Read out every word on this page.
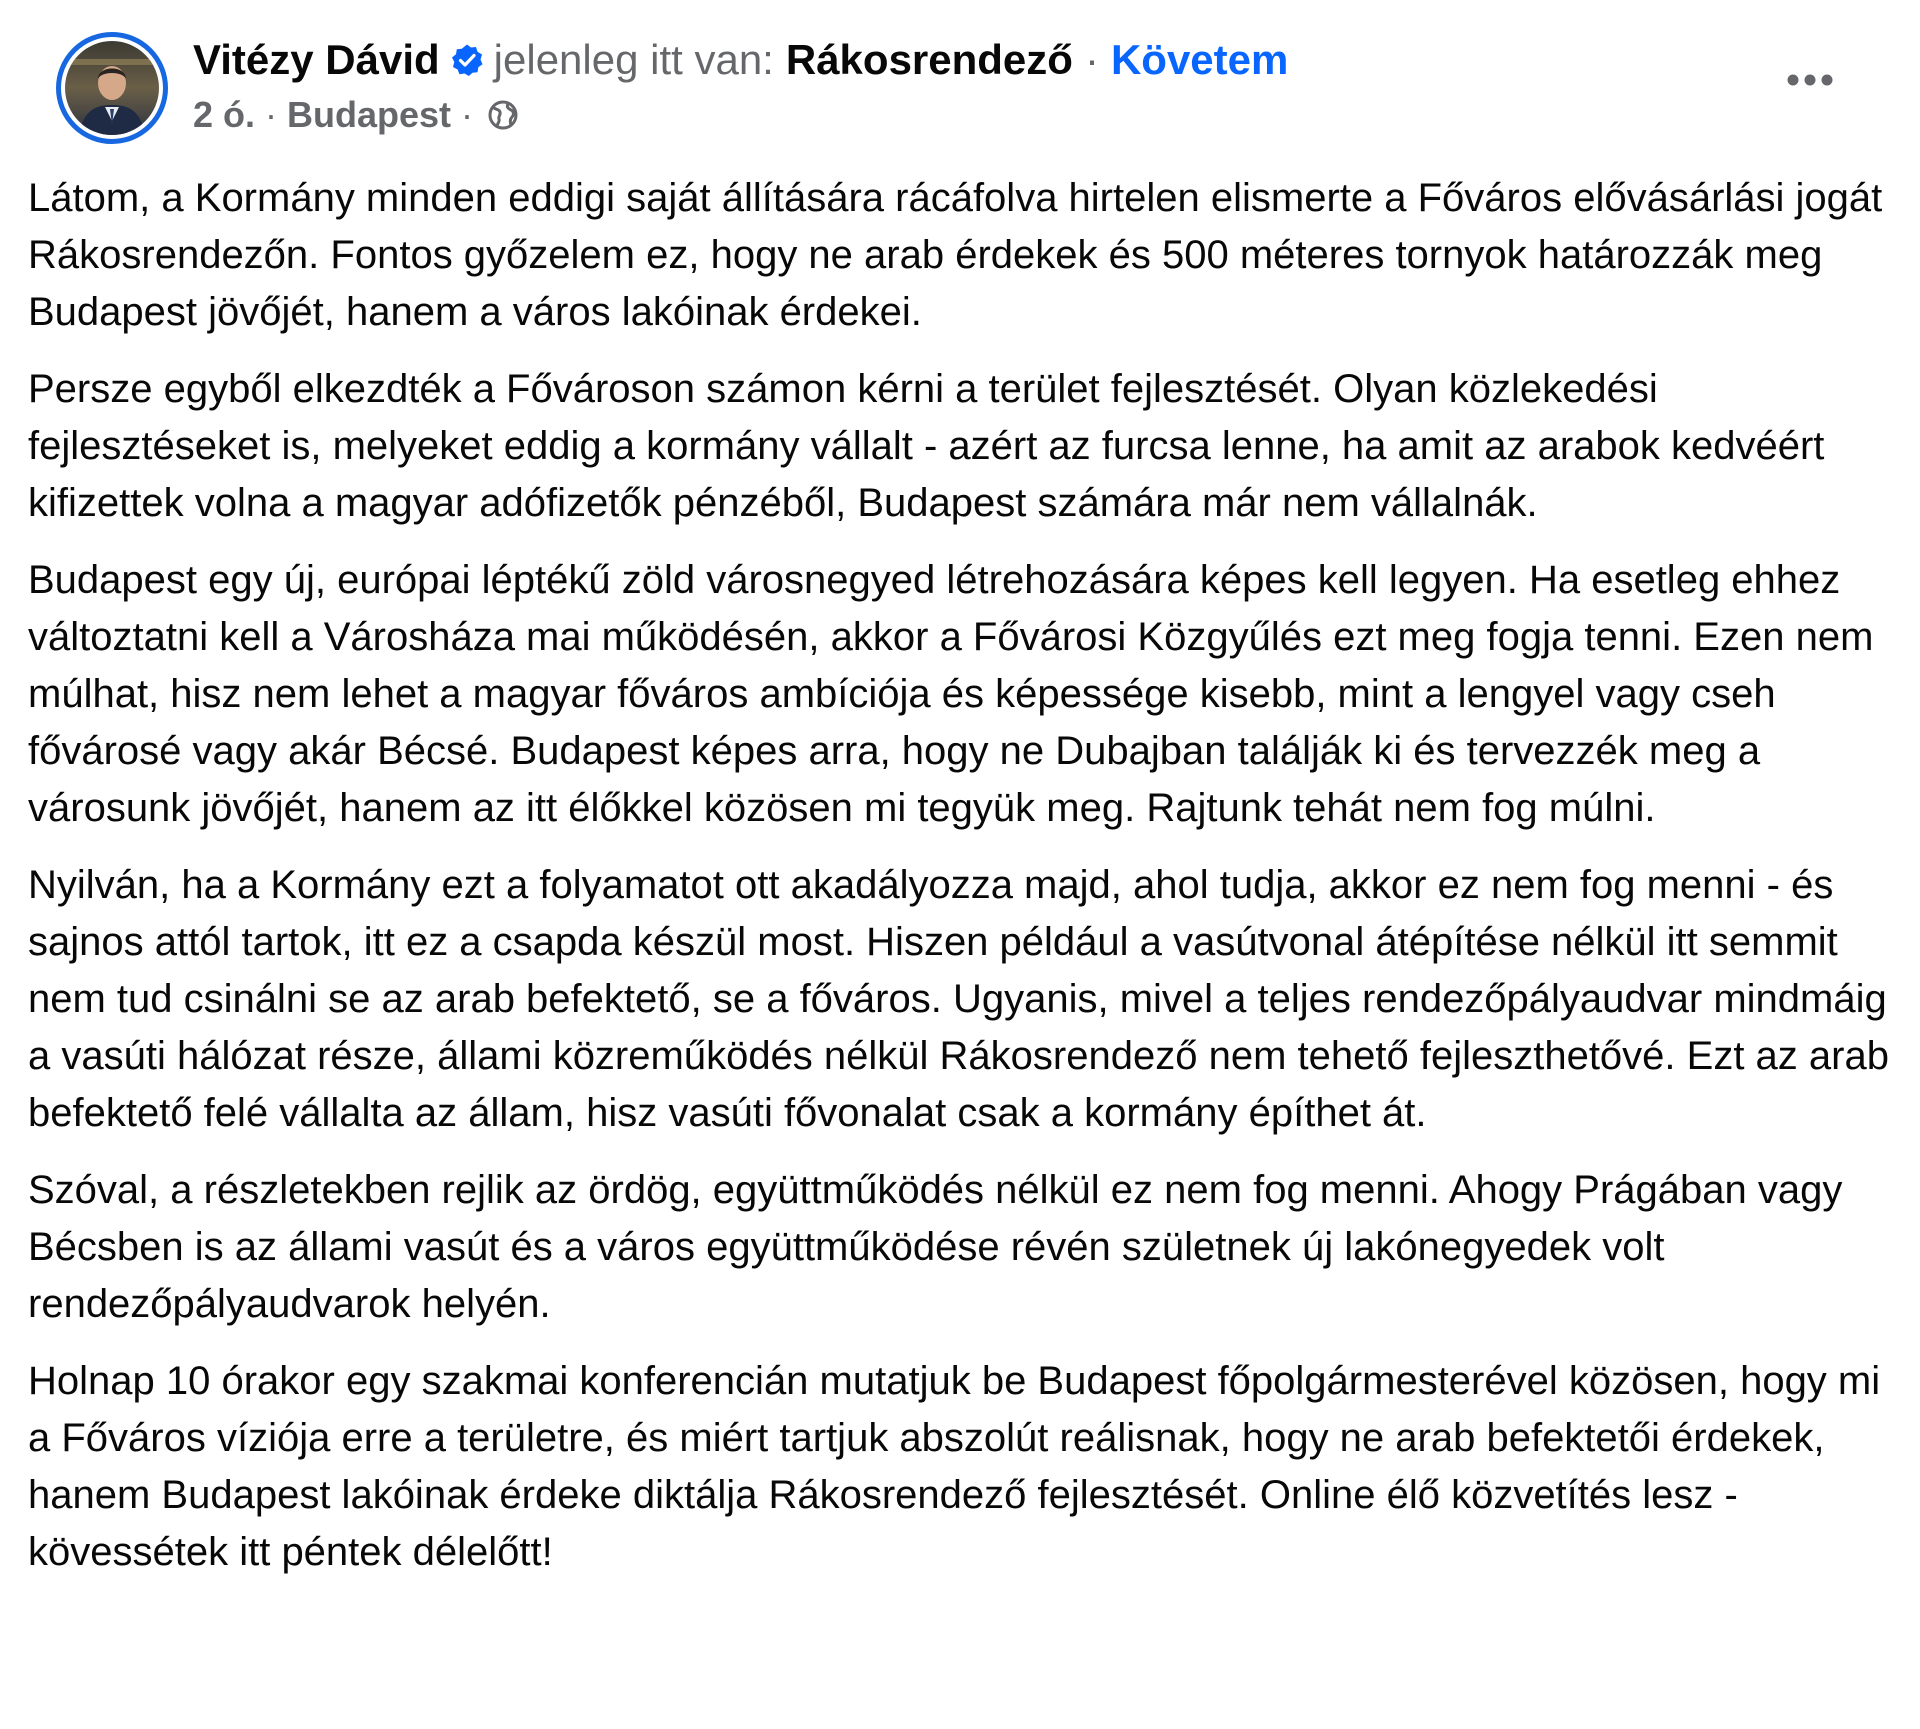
Vitézy Dávid jelenleg itt van: Rákosrendező · Követem
2 ó. · Budapest ·

Látom, a Kormány minden eddigi saját állítására rácáfolva hirtelen elismerte a Főváros elővásárlási jogát Rákosrendezőn. Fontos győzelem ez, hogy ne arab érdekek és 500 méteres tornyok határozzák meg Budapest jövőjét, hanem a város lakóinak érdekei.

Persze egyből elkezdték a Fővároson számon kérni a terület fejlesztését. Olyan közlekedési fejlesztéseket is, melyeket eddig a kormány vállalt - azért az furcsa lenne, ha amit az arabok kedvéért kifizettek volna a magyar adófizetők pénzéből, Budapest számára már nem vállalnák.

Budapest egy új, európai léptékű zöld városnegyed létrehozására képes kell legyen. Ha esetleg ehhez változtatni kell a Városháza mai működésén, akkor a Fővárosi Közgyűlés ezt meg fogja tenni. Ezen nem múlhat, hisz nem lehet a magyar főváros ambíciója és képessége kisebb, mint a lengyel vagy cseh fővárosé vagy akár Bécsé. Budapest képes arra, hogy ne Dubajban találják ki és tervezzék meg a városunk jövőjét, hanem az itt élőkkel közösen mi tegyük meg. Rajtunk tehát nem fog múlni.

Nyilván, ha a Kormány ezt a folyamatot ott akadályozza majd, ahol tudja, akkor ez nem fog menni - és sajnos attól tartok, itt ez a csapda készül most. Hiszen például a vasútvonal átépítése nélkül itt semmit nem tud csinálni se az arab befektető, se a főváros. Ugyanis, mivel a teljes rendezőpályaudvar mindmáig a vasúti hálózat része, állami közreműködés nélkül Rákosrendező nem tehető fejleszthetővé. Ezt az arab befektető felé vállalta az állam, hisz vasúti fővonalat csak a kormány építhet át.

Szóval, a részletekben rejlik az ördög, együttműködés nélkül ez nem fog menni. Ahogy Prágában vagy Bécsben is az állami vasút és a város együttműködése révén születnek új lakónegyedek volt rendezőpályaudvarok helyén.

Holnap 10 órakor egy szakmai konferencián mutatjuk be Budapest főpolgármesterével közösen, hogy mi a Főváros víziója erre a területre, és miért tartjuk abszolút reálisnak, hogy ne arab befektetői érdekek, hanem Budapest lakóinak érdeke diktálja Rákosrendező fejlesztését. Online élő közvetítés lesz - kövessétek itt péntek délelőtt!
